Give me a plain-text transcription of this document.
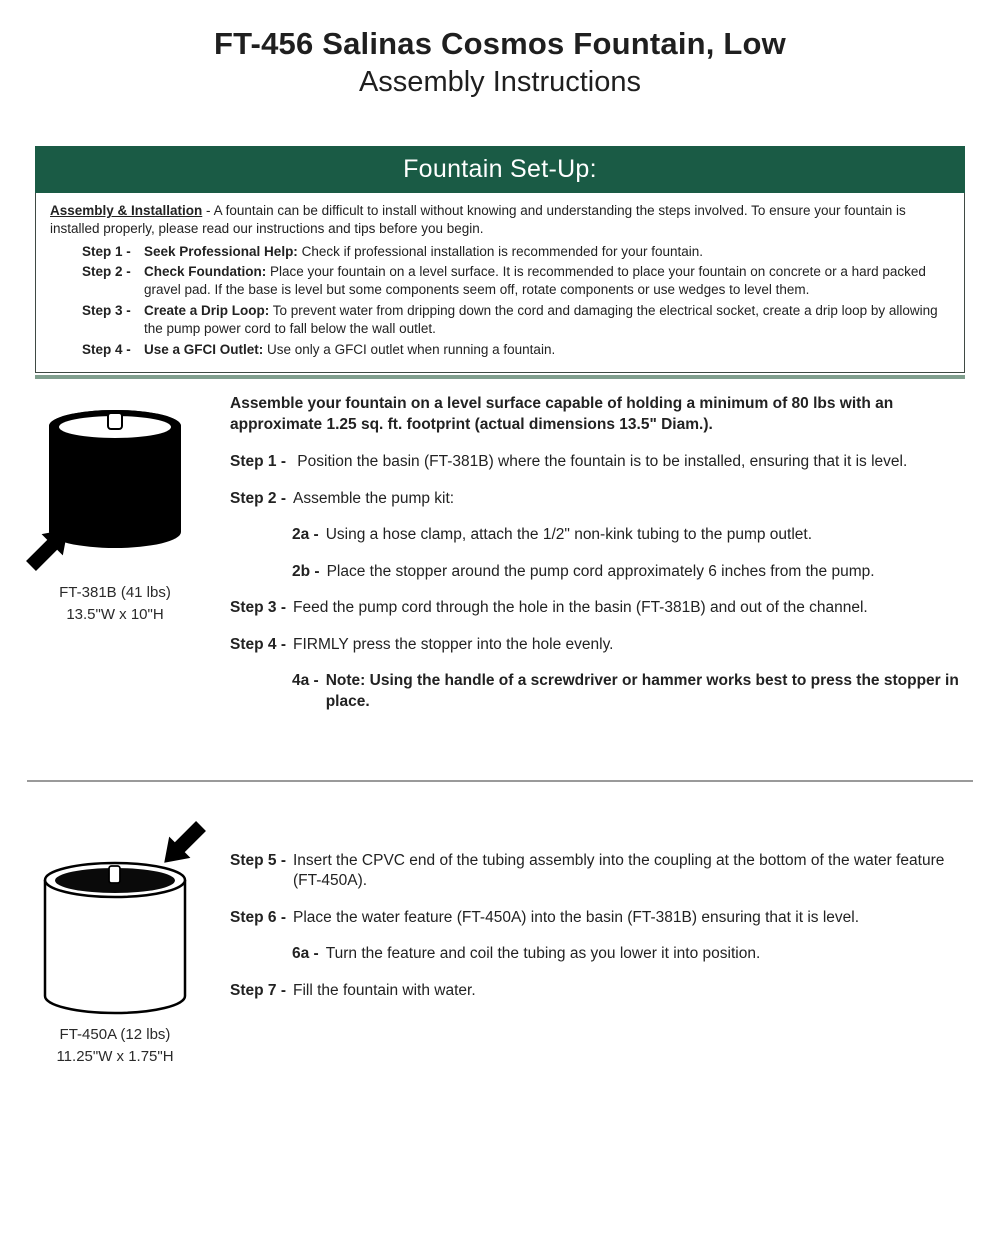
FT-456 Salinas Cosmos Fountain, Low
Assembly Instructions
Fountain Set-Up:

Assembly & Installation - A fountain can be difficult to install without knowing and understanding the steps involved. To ensure your fountain is installed properly, please read our instructions and tips before you begin.

Step 1 - Seek Professional Help: Check if professional installation is recommended for your fountain.
Step 2 - Check Foundation: Place your fountain on a level surface. It is recommended to place your fountain on concrete or a hard packed gravel pad. If the base is level but some components seem off, rotate components or use wedges to level them.
Step 3 - Create a Drip Loop: To prevent water from dripping down the cord and damaging the electrical socket, create a drip loop by allowing the pump power cord to fall below the wall outlet.
Step 4 - Use a GFCI Outlet: Use only a GFCI outlet when running a fountain.
FT-381B (41 lbs)
13.5"W x 10"H

Assemble your fountain on a level surface capable of holding a minimum of 80 lbs with an approximate 1.25 sq. ft. footprint (actual dimensions 13.5" Diam.).

Step 1 - Position the basin (FT-381B) where the fountain is to be installed, ensuring that it is level.

Step 2 - Assemble the pump kit:

2a - Using a hose clamp, attach the 1/2" non-kink tubing to the pump outlet.

2b - Place the stopper around the pump cord approximately 6 inches from the pump.

Step 3 - Feed the pump cord through the hole in the basin (FT-381B) and out of the channel.

Step 4 - FIRMLY press the stopper into the hole evenly.

4a - Note: Using the handle of a screwdriver or hammer works best to press the stopper in place.

FT-450A (12 lbs)
11.25"W x 1.75"H

Step 5 - Insert the CPVC end of the tubing assembly into the coupling at the bottom of the water feature (FT-450A).

Step 6 - Place the water feature (FT-450A) into the basin (FT-381B) ensuring that it is level.

6a - Turn the feature and coil the tubing as you lower it into position.

Step 7 - Fill the fountain with water.
